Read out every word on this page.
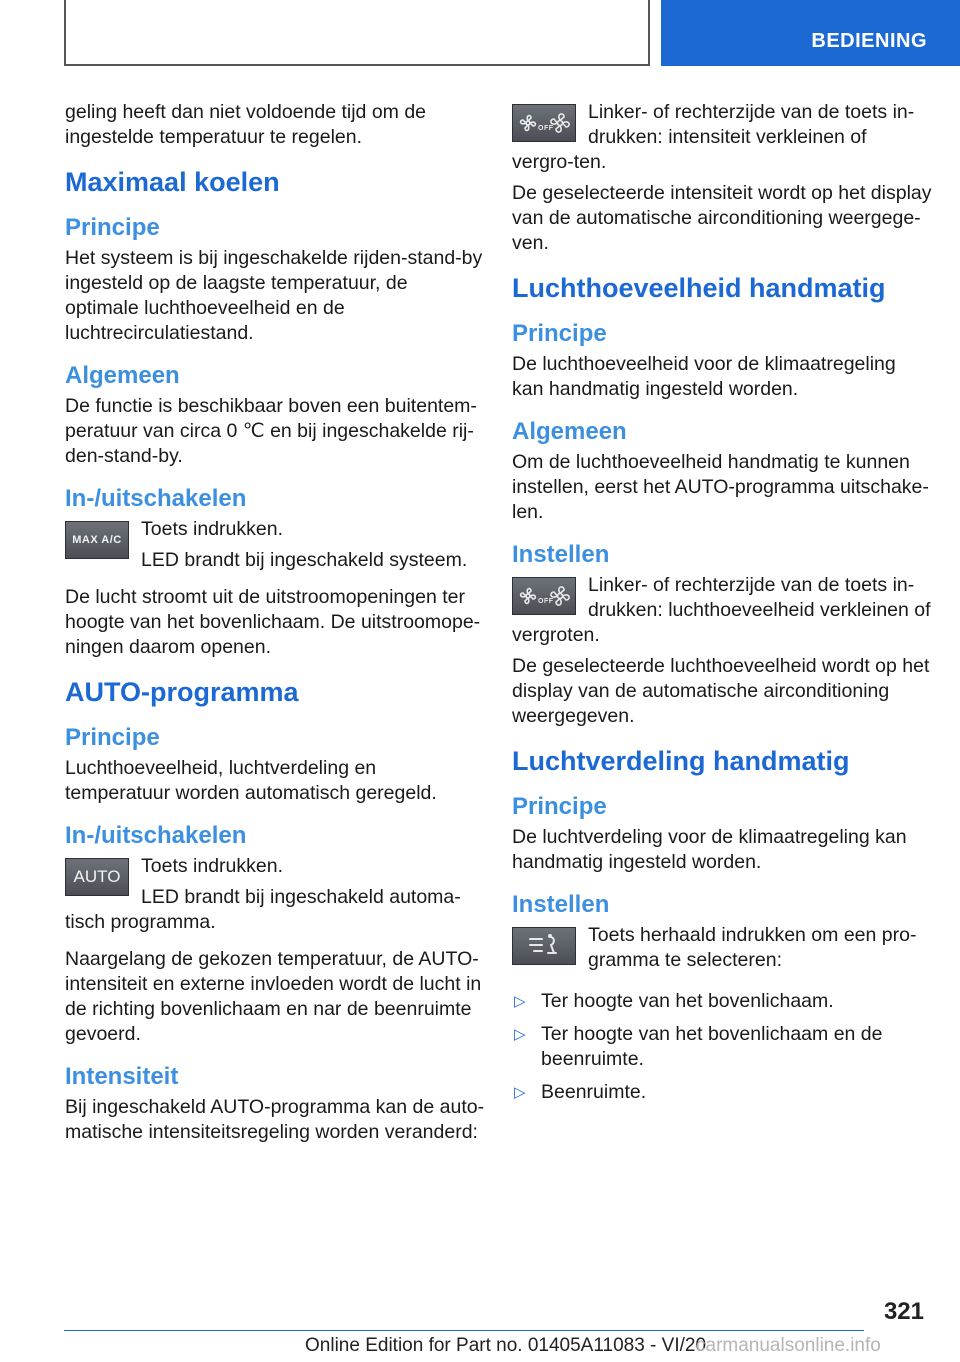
BEDIENING

geling heeft dan niet voldoende tijd om de ingestelde temperatuur te regelen.

Maximaal koelen
Principe

Het systeem is bij ingeschakelde rijden-stand-by ingesteld op de laagste temperatuur, de optimale luchthoeveelheid en de luchtrecirculatiestand.

Algemeen

De functie is beschikbaar boven een buitentem-peratuur van circa 0 ℃ en bij ingeschakelde rij-den-stand-by.

In-/uitschakelen
MAX A/C Toets indrukken.

LED brandt bij ingeschakeld systeem.

De lucht stroomt uit de uitstroomopeningen ter hoogte van het bovenlichaam. De uitstroomope-ningen daarom openen.

AUTO-programma
Principe

Luchthoeveelheid, luchtverdeling en temperatuur worden automatisch geregeld.

In-/uitschakelen
AUTO	Toets indrukken.

LED brandt bij ingeschakeld automa-tisch programma.

Naargelang de gekozen temperatuur, de AUTO-intensiteit en externe invloeden wordt de lucht in de richting bovenlichaam en nar de beenruimte gevoerd.

Intensiteit

Bij ingeschakeld AUTO-programma kan de auto-matische intensiteitsregeling worden veranderd:

OFF

Linker- of rechterzijde van de toets in-drukken: intensiteit verkleinen of vergro-ten.

De geselecteerde intensiteit wordt op het display van de automatische airconditioning weergege-ven.

Luchthoeveelheid handmatig
Principe

De luchthoeveelheid voor de klimaatregeling kan handmatig ingesteld worden.

Algemeen

Om de luchthoeveelheid handmatig te kunnen instellen, eerst het AUTO-programma uitschake-len.

Instellen
OFF

Linker- of rechterzijde van de toets in-drukken: luchthoeveelheid verkleinen of vergroten.

De geselecteerde luchthoeveelheid wordt op het display van de automatische airconditioning weergegeven.

Luchtverdeling handmatig
Principe

De luchtverdeling voor de klimaatregeling kan handmatig ingesteld worden.

Instellen

Toets herhaald indrukken om een pro-gramma te selecteren:

▷ Ter hoogte van het bovenlichaam.
▷ Ter hoogte van het bovenlichaam en de beenruimte.
▷ Beenruimte.
321
Online Edition for Part no. 01405A11083 - VI/20
carmanualsonline.info
